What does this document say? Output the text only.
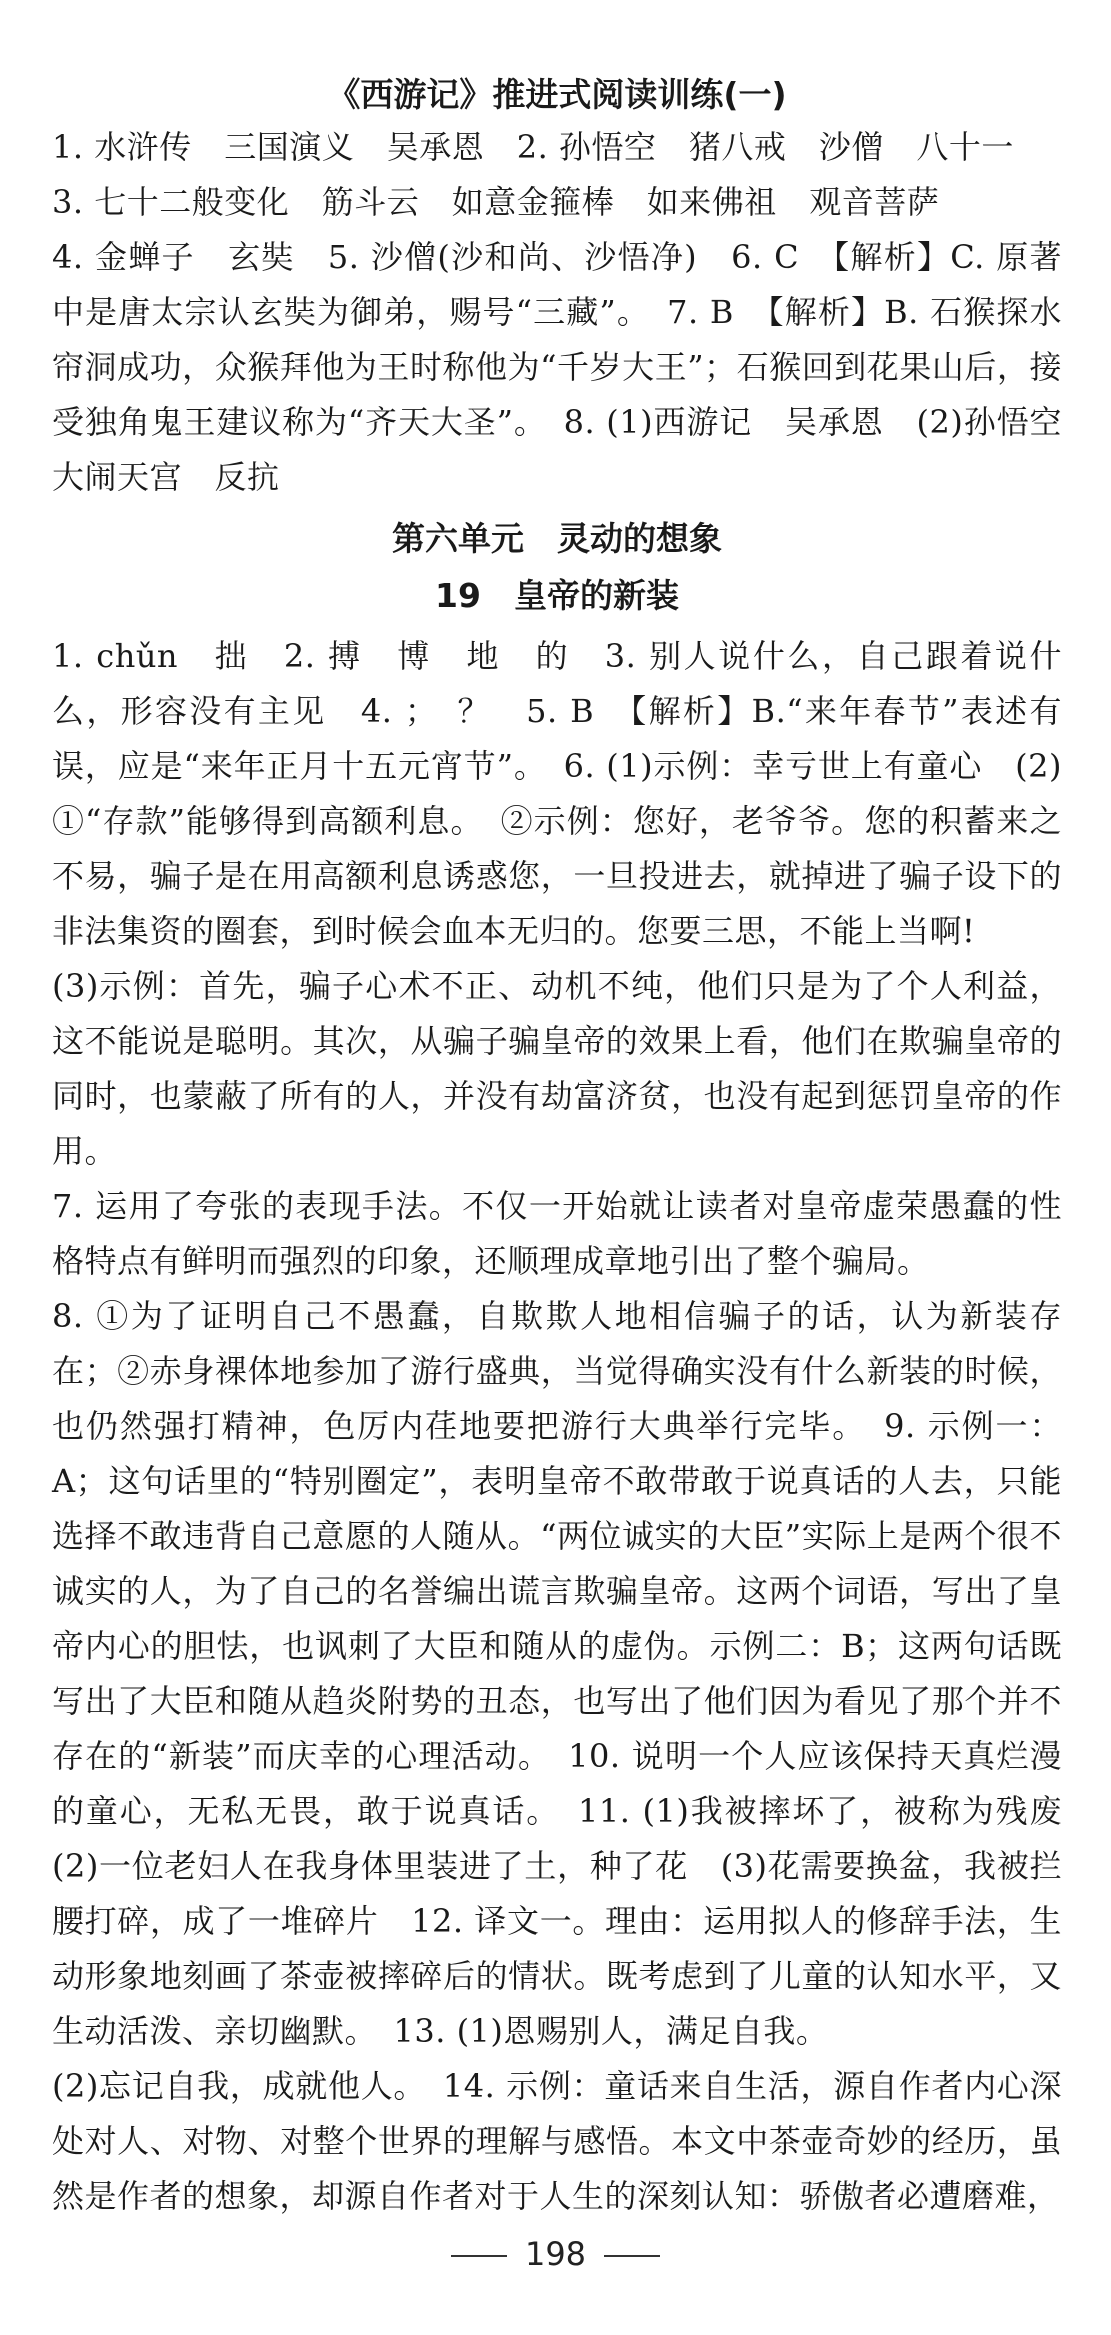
《西游记》推进式阅读训练(一)

1. 水浒传　三国演义　吴承恩　2. 孙悟空　猪八戒　沙僧　八十一

3. 七十二般变化　筋斗云　如意金箍棒　如来佛祖　观音菩萨

4. 金蝉子　玄奘　5. 沙僧(沙和尚、沙悟净)　6. C　【解析】C. 原著中是唐太宗认玄奘为御弟，赐号“三藏”。　7. B　【解析】B. 石猴探水帘洞成功，众猴拜他为王时称他为“千岁大王”；石猴回到花果山后，接受独角鬼王建议称为“齐天大圣”。　8. (1)西游记　吴承恩　(2)孙悟空大闹天宫　反抗

第六单元　灵动的想象
19　皇帝的新装

1. chǔn　拙　2. 搏　博　地　的　3. 别人说什么，自己跟着说什么，形容没有主见　4. ；　？　5. B　【解析】B.“来年春节”表述有误，应是“来年正月十五元宵节”。　6. (1)示例：幸亏世上有童心　(2)①“存款”能够得到高额利息。　②示例：您好，老爷爷。您的积蓄来之不易，骗子是在用高额利息诱惑您，一旦投进去，就掉进了骗子设下的非法集资的圈套，到时候会血本无归的。您要三思，不能上当啊!

(3)示例：首先，骗子心术不正、动机不纯，他们只是为了个人利益，这不能说是聪明。其次，从骗子骗皇帝的效果上看，他们在欺骗皇帝的同时，也蒙蔽了所有的人，并没有劫富济贫，也没有起到惩罚皇帝的作用。

7. 运用了夸张的表现手法。不仅一开始就让读者对皇帝虚荣愚蠢的性格特点有鲜明而强烈的印象，还顺理成章地引出了整个骗局。

8. ①为了证明自己不愚蠢，自欺欺人地相信骗子的话，认为新装存在；②赤身裸体地参加了游行盛典，当觉得确实没有什么新装的时候，也仍然强打精神，色厉内荏地要把游行大典举行完毕。　9. 示例一：A；这句话里的“特别圈定”，表明皇帝不敢带敢于说真话的人去，只能选择不敢违背自己意愿的人随从。“两位诚实的大臣”实际上是两个很不诚实的人，为了自己的名誉编出谎言欺骗皇帝。这两个词语，写出了皇帝内心的胆怯，也讽刺了大臣和随从的虚伪。示例二：B；这两句话既写出了大臣和随从趋炎附势的丑态，也写出了他们因为看见了那个并不存在的“新装”而庆幸的心理活动。　10. 说明一个人应该保持天真烂漫的童心，无私无畏，敢于说真话。　11. (1)我被摔坏了，被称为残废　(2)一位老妇人在我身体里装进了土，种了花　(3)花需要换盆，我被拦腰打碎，成了一堆碎片　12. 译文一。理由：运用拟人的修辞手法，生动形象地刻画了茶壶被摔碎后的情状。既考虑到了儿童的认知水平，又生动活泼、亲切幽默。　13. (1)恩赐别人，满足自我。

(2)忘记自我，成就他人。　14. 示例：童话来自生活，源自作者内心深处对人、对物、对整个世界的理解与感悟。本文中茶壶奇妙的经历，虽然是作者的想象，却源自作者对于人生的深刻认知：骄傲者必遭磨难，

198
